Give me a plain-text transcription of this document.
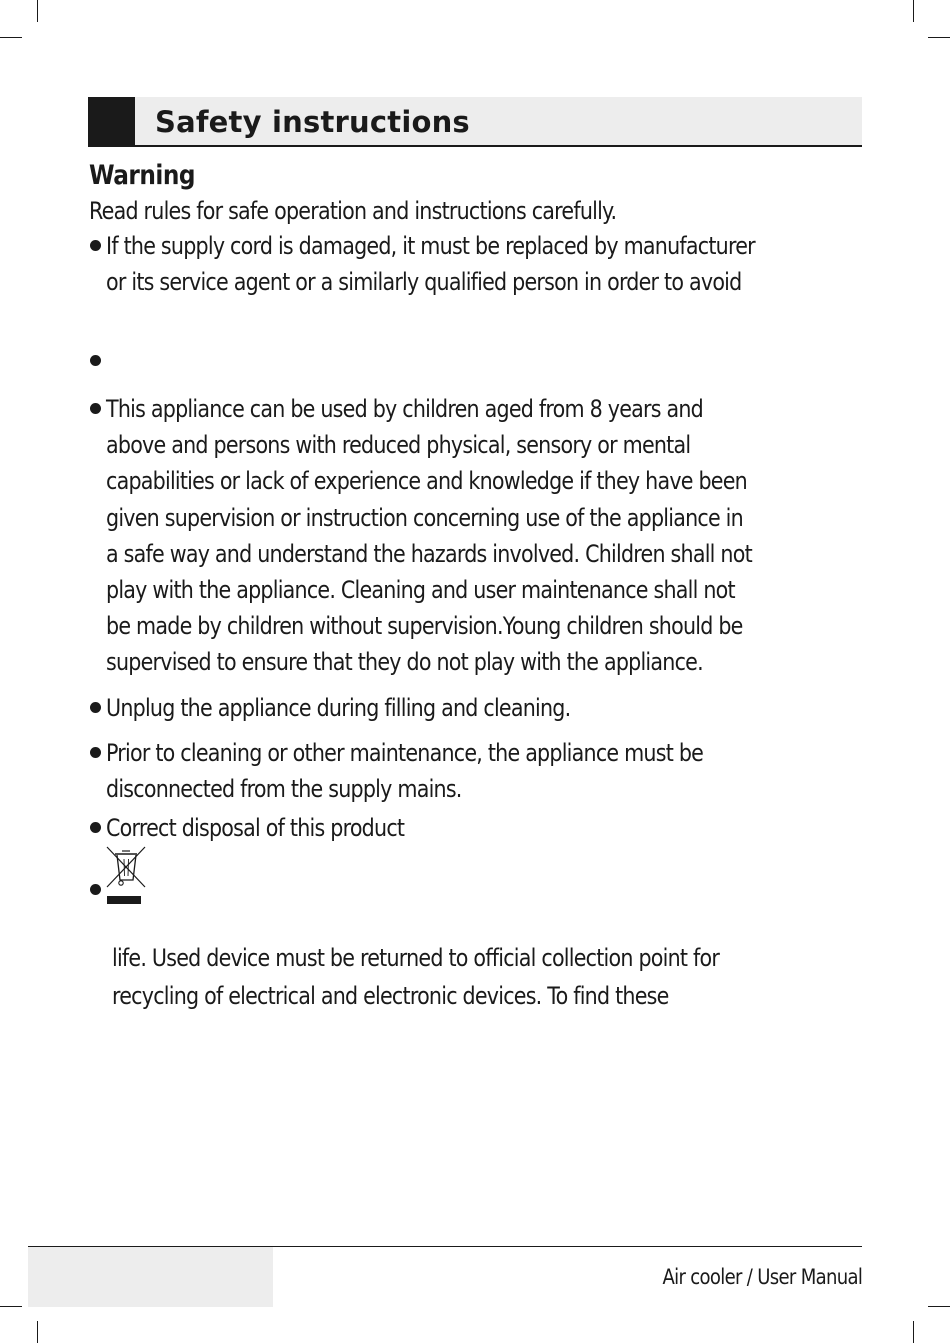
Safety instructions
Warning
Read rules for safe operation and instructions carefully.
If the supply cord is damaged, it must be replaced by manufacturer
or its service agent or a similarly qualified person in order to avoid
This appliance can be used by children aged from 8 years and
above and persons with reduced physical, sensory or mental
capabilities or lack of experience and knowledge if they have been
given supervision or instruction concerning use of the appliance in
a safe way and understand the hazards involved. Children shall not
play with the appliance. Cleaning and user maintenance shall not
be made by children without supervision.Young children should be
supervised to ensure that they do not play with the appliance.
Unplug the appliance during filling and cleaning.
Prior to cleaning or other maintenance, the appliance must be
disconnected from the supply mains.
Correct disposal of this product
life. Used device must be returned to official collection point for
recycling of electrical and electronic devices. To find these
Air cooler / User Manual
